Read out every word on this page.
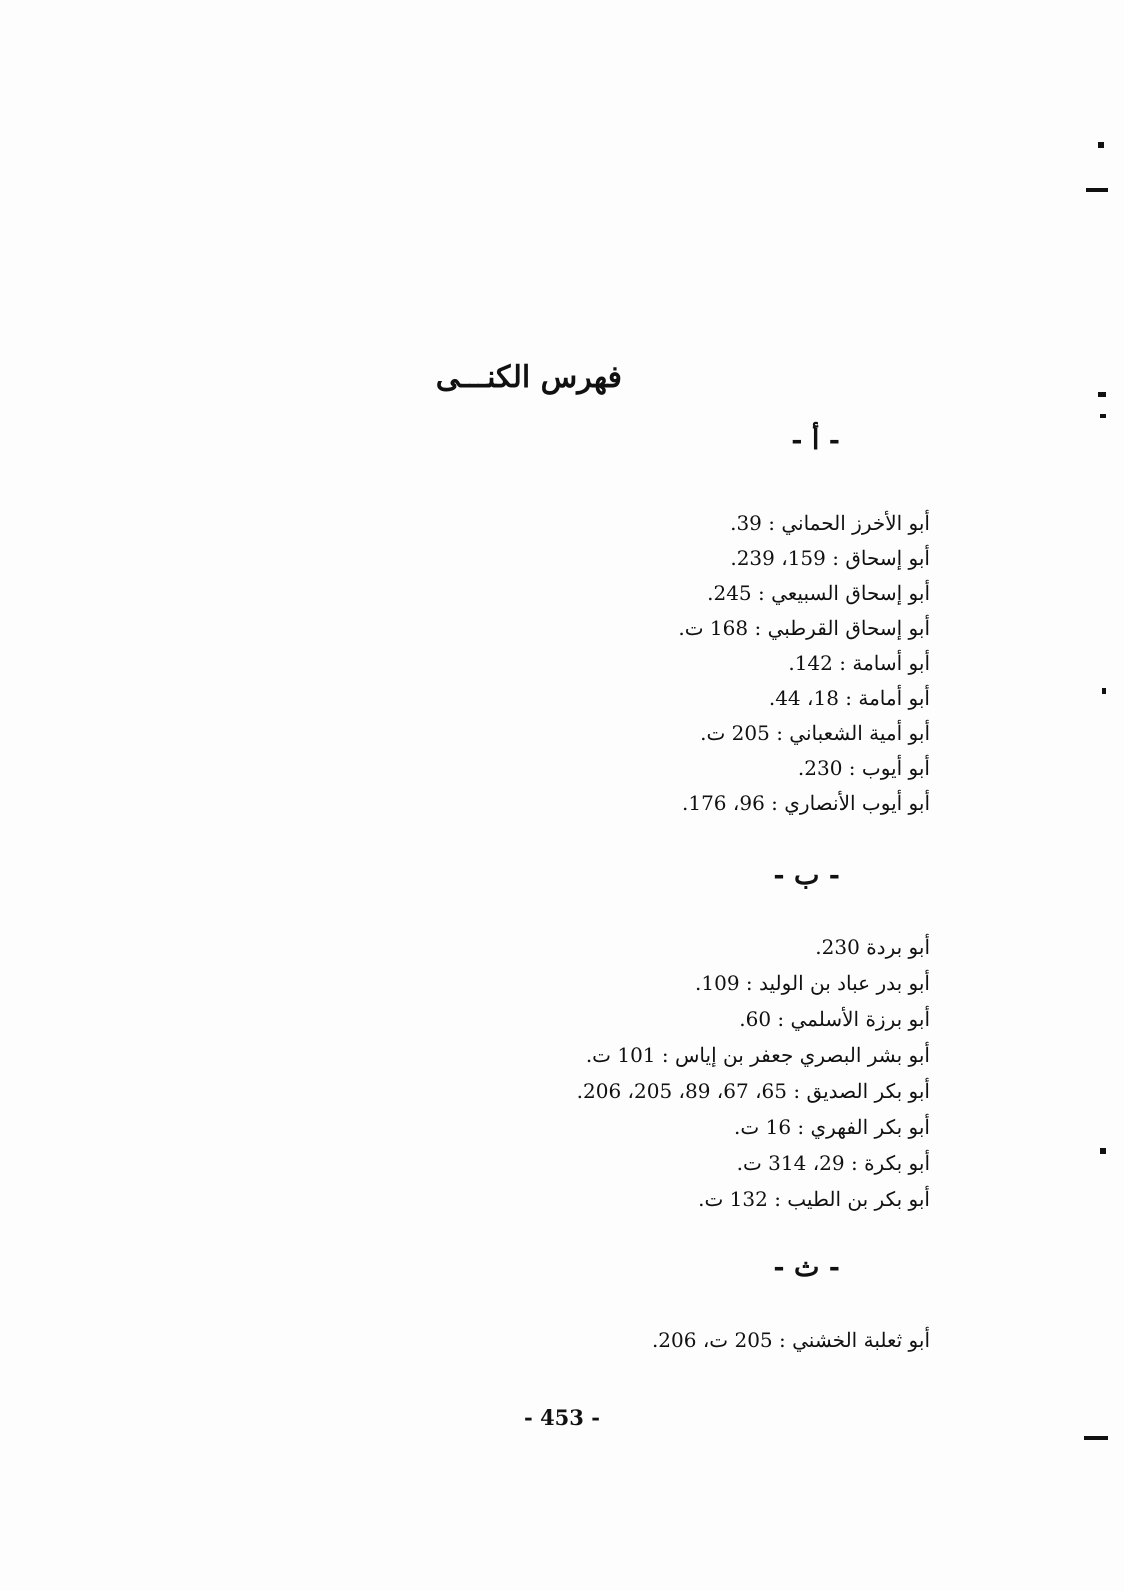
فهرس الكنـــى
- أ -
أبو الأخرز الحماني : 39.
أبو إسحاق : 159، 239.
أبو إسحاق السبيعي : 245.
أبو إسحاق القرطبي : 168 ت.
أبو أسامة : 142.
أبو أمامة : 18، 44.
أبو أمية الشعباني : 205 ت.
أبو أيوب : 230.
أبو أيوب الأنصاري : 96، 176.
- ب -
أبو بردة 230.
أبو بدر عباد بن الوليد : 109.
أبو برزة الأسلمي : 60.
أبو بشر البصري جعفر بن إياس : 101 ت.
أبو بكر الصديق : 65، 67، 89، 205، 206.
أبو بكر الفهري : 16 ت.
أبو بكرة : 29، 314 ت.
أبو بكر بن الطيب : 132 ت.
- ث -
أبو ثعلبة الخشني : 205 ت، 206.
- 453 -
